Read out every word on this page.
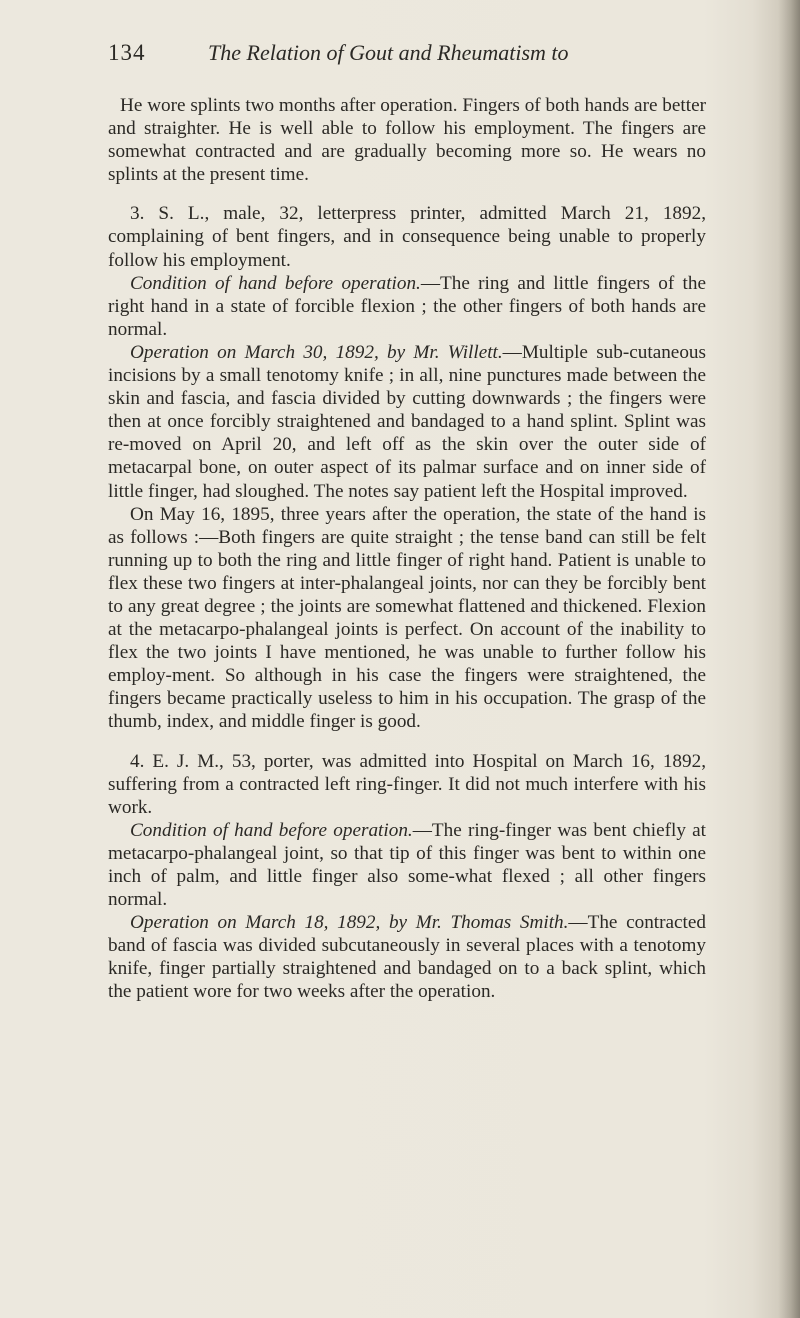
134	The Relation of Gout and Rheumatism to

He wore splints two months after operation. Fingers of both hands are better and straighter. He is well able to follow his employment. The fingers are somewhat contracted and are gradually becoming more so. He wears no splints at the present time.

3. S. L., male, 32, letterpress printer, admitted March 21, 1892, complaining of bent fingers, and in consequence being unable to properly follow his employment.

Condition of hand before operation.—The ring and little fingers of the right hand in a state of forcible flexion ; the other fingers of both hands are normal.

Operation on March 30, 1892, by Mr. Willett.—Multiple sub-cutaneous incisions by a small tenotomy knife ; in all, nine punctures made between the skin and fascia, and fascia divided by cutting downwards ; the fingers were then at once forcibly straightened and bandaged to a hand splint. Splint was re-moved on April 20, and left off as the skin over the outer side of metacarpal bone, on outer aspect of its palmar surface and on inner side of little finger, had sloughed. The notes say patient left the Hospital improved.

On May 16, 1895, three years after the operation, the state of the hand is as follows :—Both fingers are quite straight ; the tense band can still be felt running up to both the ring and little finger of right hand. Patient is unable to flex these two fingers at inter-phalangeal joints, nor can they be forcibly bent to any great degree ; the joints are somewhat flattened and thickened. Flexion at the metacarpo-phalangeal joints is perfect. On account of the inability to flex the two joints I have mentioned, he was unable to further follow his employ-ment. So although in his case the fingers were straightened, the fingers became practically useless to him in his occupation. The grasp of the thumb, index, and middle finger is good.

4. E. J. M., 53, porter, was admitted into Hospital on March 16, 1892, suffering from a contracted left ring-finger. It did not much interfere with his work.

Condition of hand before operation.—The ring-finger was bent chiefly at metacarpo-phalangeal joint, so that tip of this finger was bent to within one inch of palm, and little finger also some-what flexed ; all other fingers normal.

Operation on March 18, 1892, by Mr. Thomas Smith.—The contracted band of fascia was divided subcutaneously in several places with a tenotomy knife, finger partially straightened and bandaged on to a back splint, which the patient wore for two weeks after the operation.
